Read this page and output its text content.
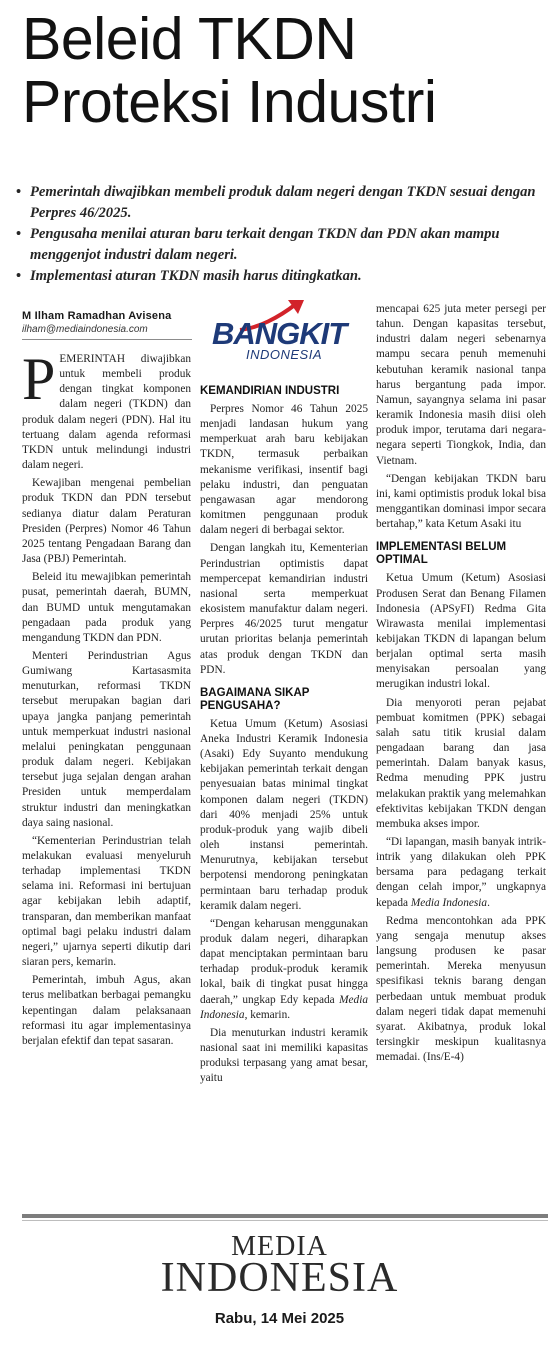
Beleid TKDN Proteksi Industri
• Pemerintah diwajibkan membeli produk dalam negeri dengan TKDN sesuai dengan Perpres 46/2025.
• Pengusaha menilai aturan baru terkait dengan TKDN dan PDN akan mampu menggenjot industri dalam negeri.
• Implementasi aturan TKDN masih harus ditingkatkan.
M Ilham Ramadhan Avisena
ilham@mediaindonesia.com

PEMERINTAH diwajibkan untuk membeli produk dengan tingkat komponen dalam negeri (TKDN) dan produk dalam negeri (PDN). Hal itu tertuang dalam agenda reformasi TKDN untuk melindungi industri dalam negeri.

Kewajiban mengenai pembelian produk TKDN dan PDN tersebut sedianya diatur dalam Peraturan Presiden (Perpres) Nomor 46 Tahun 2025 tentang Pengadaan Barang dan Jasa (PBJ) Pemerintah.

Beleid itu mewajibkan pemerintah pusat, pemerintah daerah, BUMN, dan BUMD untuk mengutamakan pengadaan pada produk yang mengandung TKDN dan PDN.

Menteri Perindustrian Agus Gumiwang Kartasasmita menuturkan, reformasi TKDN tersebut merupakan bagian dari upaya jangka panjang pemerintah untuk memperkuat industri nasional melalui peningkatan penggunaan produk dalam negeri. Kebijakan tersebut juga sejalan dengan arahan Presiden untuk memperdalam struktur industri dan meningkatkan daya saing nasional.

“Kementerian Perindustrian telah melakukan evaluasi menyeluruh terhadap implementasi TKDN selama ini. Reformasi ini bertujuan agar kebijakan lebih adaptif, transparan, dan memberikan manfaat optimal bagi pelaku industri dalam negeri,” ujarnya seperti dikutip dari siaran pers, kemarin.

Pemerintah, imbuh Agus, akan terus melibatkan berbagai pemangku kepentingan dalam pelaksanaan reformasi itu agar implementasinya berjalan efektif dan tepat sasaran.

BANGKIT
INDONESIA
KEMANDIRIAN INDUSTRI

Perpres Nomor 46 Tahun 2025 menjadi landasan hukum yang memperkuat arah baru kebijakan TKDN, termasuk perbaikan mekanisme verifikasi, insentif bagi pelaku industri, dan penguatan pengawasan agar mendorong komitmen penggunaan produk dalam negeri di berbagai sektor.

Dengan langkah itu, Kementerian Perindustrian optimistis dapat mempercepat kemandirian industri nasional serta memperkuat ekosistem manufaktur dalam negeri. Perpres 46/2025 turut mengatur urutan prioritas belanja pemerintah atas produk dengan TKDN dan PDN.

BAGAIMANA SIKAP PENGUSAHA?

Ketua Umum (Ketum) Asosiasi Aneka Industri Keramik Indonesia (Asaki) Edy Suyanto mendukung kebijakan pemerintah terkait dengan penyesuaian batas minimal tingkat komponen dalam negeri (TKDN) dari 40% menjadi 25% untuk produk-produk yang wajib dibeli oleh instansi pemerintah. Menurutnya, kebijakan tersebut berpotensi mendorong peningkatan permintaan baru terhadap produk keramik dalam negeri.

“Dengan keharusan menggunakan produk dalam negeri, diharapkan dapat menciptakan permintaan baru terhadap produk-produk keramik lokal, baik di tingkat pusat hingga daerah,” ungkap Edy kepada Media Indonesia, kemarin.

Dia menuturkan industri keramik nasional saat ini memiliki kapasitas produksi terpasang yang amat besar, yaitu

mencapai 625 juta meter persegi per tahun. Dengan kapasitas tersebut, industri dalam negeri sebenarnya mampu secara penuh memenuhi kebutuhan keramik nasional tanpa harus bergantung pada impor. Namun, sayangnya selama ini pasar keramik Indonesia masih diisi oleh produk impor, terutama dari negara-negara seperti Tiongkok, India, dan Vietnam.

“Dengan kebijakan TKDN baru ini, kami optimistis produk lokal bisa menggantikan dominasi impor secara bertahap,” kata Ketum Asaki itu

IMPLEMENTASI BELUM OPTIMAL

Ketua Umum (Ketum) Asosiasi Produsen Serat dan Benang Filamen Indonesia (APSyFI) Redma Gita Wirawasta menilai implementasi kebijakan TKDN di lapangan belum berjalan optimal serta masih menyisakan persoalan yang merugikan industri lokal.

Dia menyoroti peran pejabat pembuat komitmen (PPK) sebagai salah satu titik krusial dalam pengadaan barang dan jasa pemerintah. Dalam banyak kasus, Redma menuding PPK justru melakukan praktik yang melemahkan efektivitas kebijakan TKDN dengan membuka akses impor.

“Di lapangan, masih banyak intrik-intrik yang dilakukan oleh PPK bersama para pedagang terkait dengan celah impor,” ungkapnya kepada Media Indonesia.

Redma mencontohkan ada PPK yang sengaja menutup akses langsung produsen ke pasar pemerintah. Mereka menyusun spesifikasi teknis barang dengan perbedaan untuk membuat produk dalam negeri tidak dapat memenuhi syarat. Akibatnya, produk lokal tersingkir meskipun kualitasnya memadai. (Ins/E-4)

MEDIA
INDONESIA
Rabu, 14 Mei 2025
